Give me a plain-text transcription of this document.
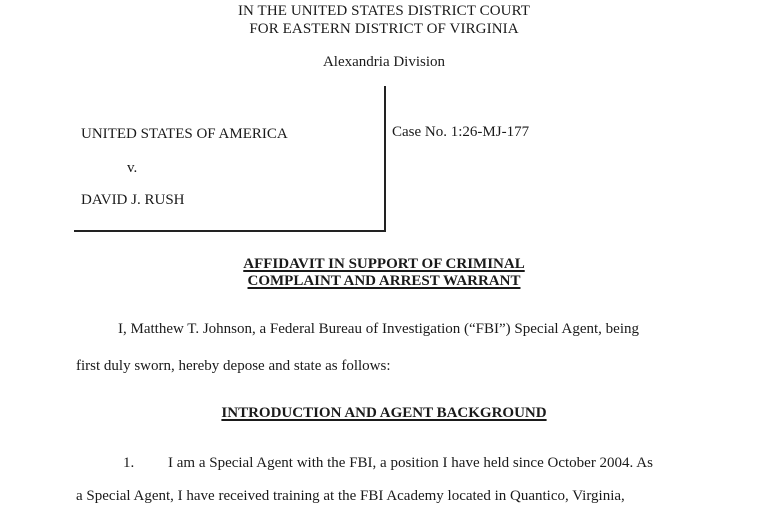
IN THE UNITED STATES DISTRICT COURT
FOR EASTERN DISTRICT OF VIRGINIA
Alexandria Division
UNITED STATES OF AMERICA
v.
DAVID J. RUSH
Case No. 1:26-MJ-177
AFFIDAVIT IN SUPPORT OF CRIMINAL
COMPLAINT AND ARREST WARRANT
I, Matthew T. Johnson, a Federal Bureau of Investigation (“FBI”) Special Agent, being
first duly sworn, hereby depose and state as follows:
INTRODUCTION AND AGENT BACKGROUND
1. I am a Special Agent with the FBI, a position I have held since October 2004. As
a Special Agent, I have received training at the FBI Academy located in Quantico, Virginia,
